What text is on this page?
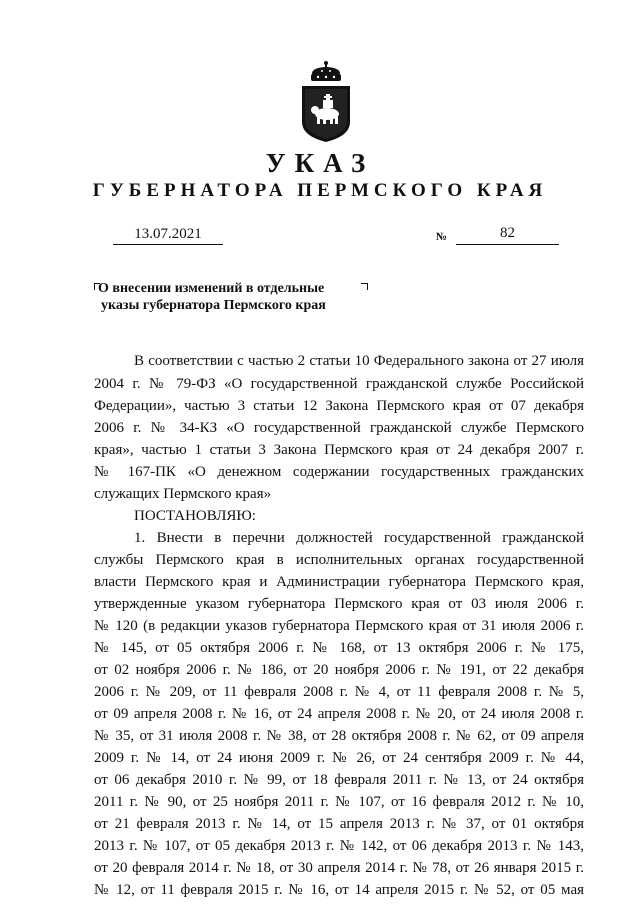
УКАЗ
ГУБЕРНАТОРА ПЕРМСКОГО КРАЯ
13.07.2021	№	82
О внесении изменений в отдельные
указы губернатора Пермского края
В соответствии с частью 2 статьи 10 Федерального закона от 27 июля
2004 г. № 79-ФЗ «О государственной гражданской службе Российской
Федерации», частью 3 статьи 12 Закона Пермского края от 07 декабря
2006 г. № 34-КЗ «О государственной гражданской службе Пермского
края», частью 1 статьи 3 Закона Пермского края от 24 декабря 2007 г.
№ 167-ПК «О денежном содержании государственных гражданских
служащих Пермского края»
ПОСТАНОВЛЯЮ:
1. Внести в перечни должностей государственной гражданской
службы Пермского края в исполнительных органах государственной
власти Пермского края и Администрации губернатора Пермского края,
утвержденные указом губернатора Пермского края от 03 июля 2006 г.
№ 120 (в редакции указов губернатора Пермского края от 31 июля 2006 г.
№ 145, от 05 октября 2006 г. № 168, от 13 октября 2006 г. № 175,
от 02 ноября 2006 г. № 186, от 20 ноября 2006 г. № 191, от 22 декабря
2006 г. № 209, от 11 февраля 2008 г. № 4, от 11 февраля 2008 г. № 5,
от 09 апреля 2008 г. № 16, от 24 апреля 2008 г. № 20, от 24 июля 2008 г.
№ 35, от 31 июля 2008 г. № 38, от 28 октября 2008 г. № 62, от 09 апреля
2009 г. № 14, от 24 июня 2009 г. № 26, от 24 сентября 2009 г. № 44,
от 06 декабря 2010 г. № 99, от 18 февраля 2011 г. № 13, от 24 октября
2011 г. № 90, от 25 ноября 2011 г. № 107, от 16 февраля 2012 г. № 10,
от 21 февраля 2013 г. № 14, от 15 апреля 2013 г. № 37, от 01 октября
2013 г. № 107, от 05 декабря 2013 г. № 142, от 06 декабря 2013 г. № 143,
от 20 февраля 2014 г. № 18, от 30 апреля 2014 г. № 78, от 26 января 2015 г.
№ 12, от 11 февраля 2015 г. № 16, от 14 апреля 2015 г. № 52, от 05 мая
